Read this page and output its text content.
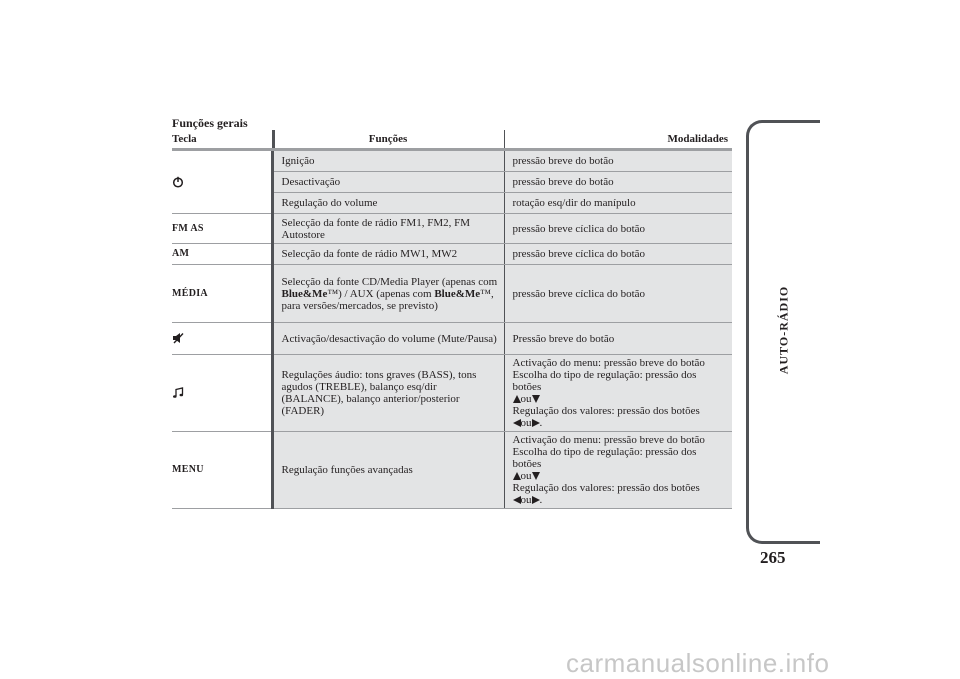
Funções gerais
Tecla	Funções	Modalidades
	Ignição	pressão breve do botão
	Desactivação	pressão breve do botão
	Regulação do volume	rotação esq/dir do manípulo
FM AS	Selecção da fonte de rádio FM1, FM2, FM Autostore	pressão breve cíclica do botão
AM	Selecção da fonte de rádio MW1, MW2	pressão breve cíclica do botão
MÉDIA	Selecção da fonte CD/Media Player (apenas com Blue&Me™) / AUX (apenas com Blue&Me™, para versões/mercados, se previsto)	pressão breve cíclica do botão
	Activação/desactivação do volume (Mute/Pausa)	Pressão breve do botão
	Regulações áudio: tons graves (BASS), tons agudos (TREBLE), balanço esq/dir (BALANCE), balanço anterior/posterior (FADER)	Activação do menu: pressão breve do botão
Escolha do tipo de regulação: pressão dos botões
ou
Regulação dos valores: pressão dos botões
ou .

MENU	Regulação funções avançadas	Activação do menu: pressão breve do botão
Escolha do tipo de regulação: pressão dos botões
ou
Regulação dos valores: pressão dos botões
ou .
AUTO-RÁDIO
265
carmanualsonline.info
